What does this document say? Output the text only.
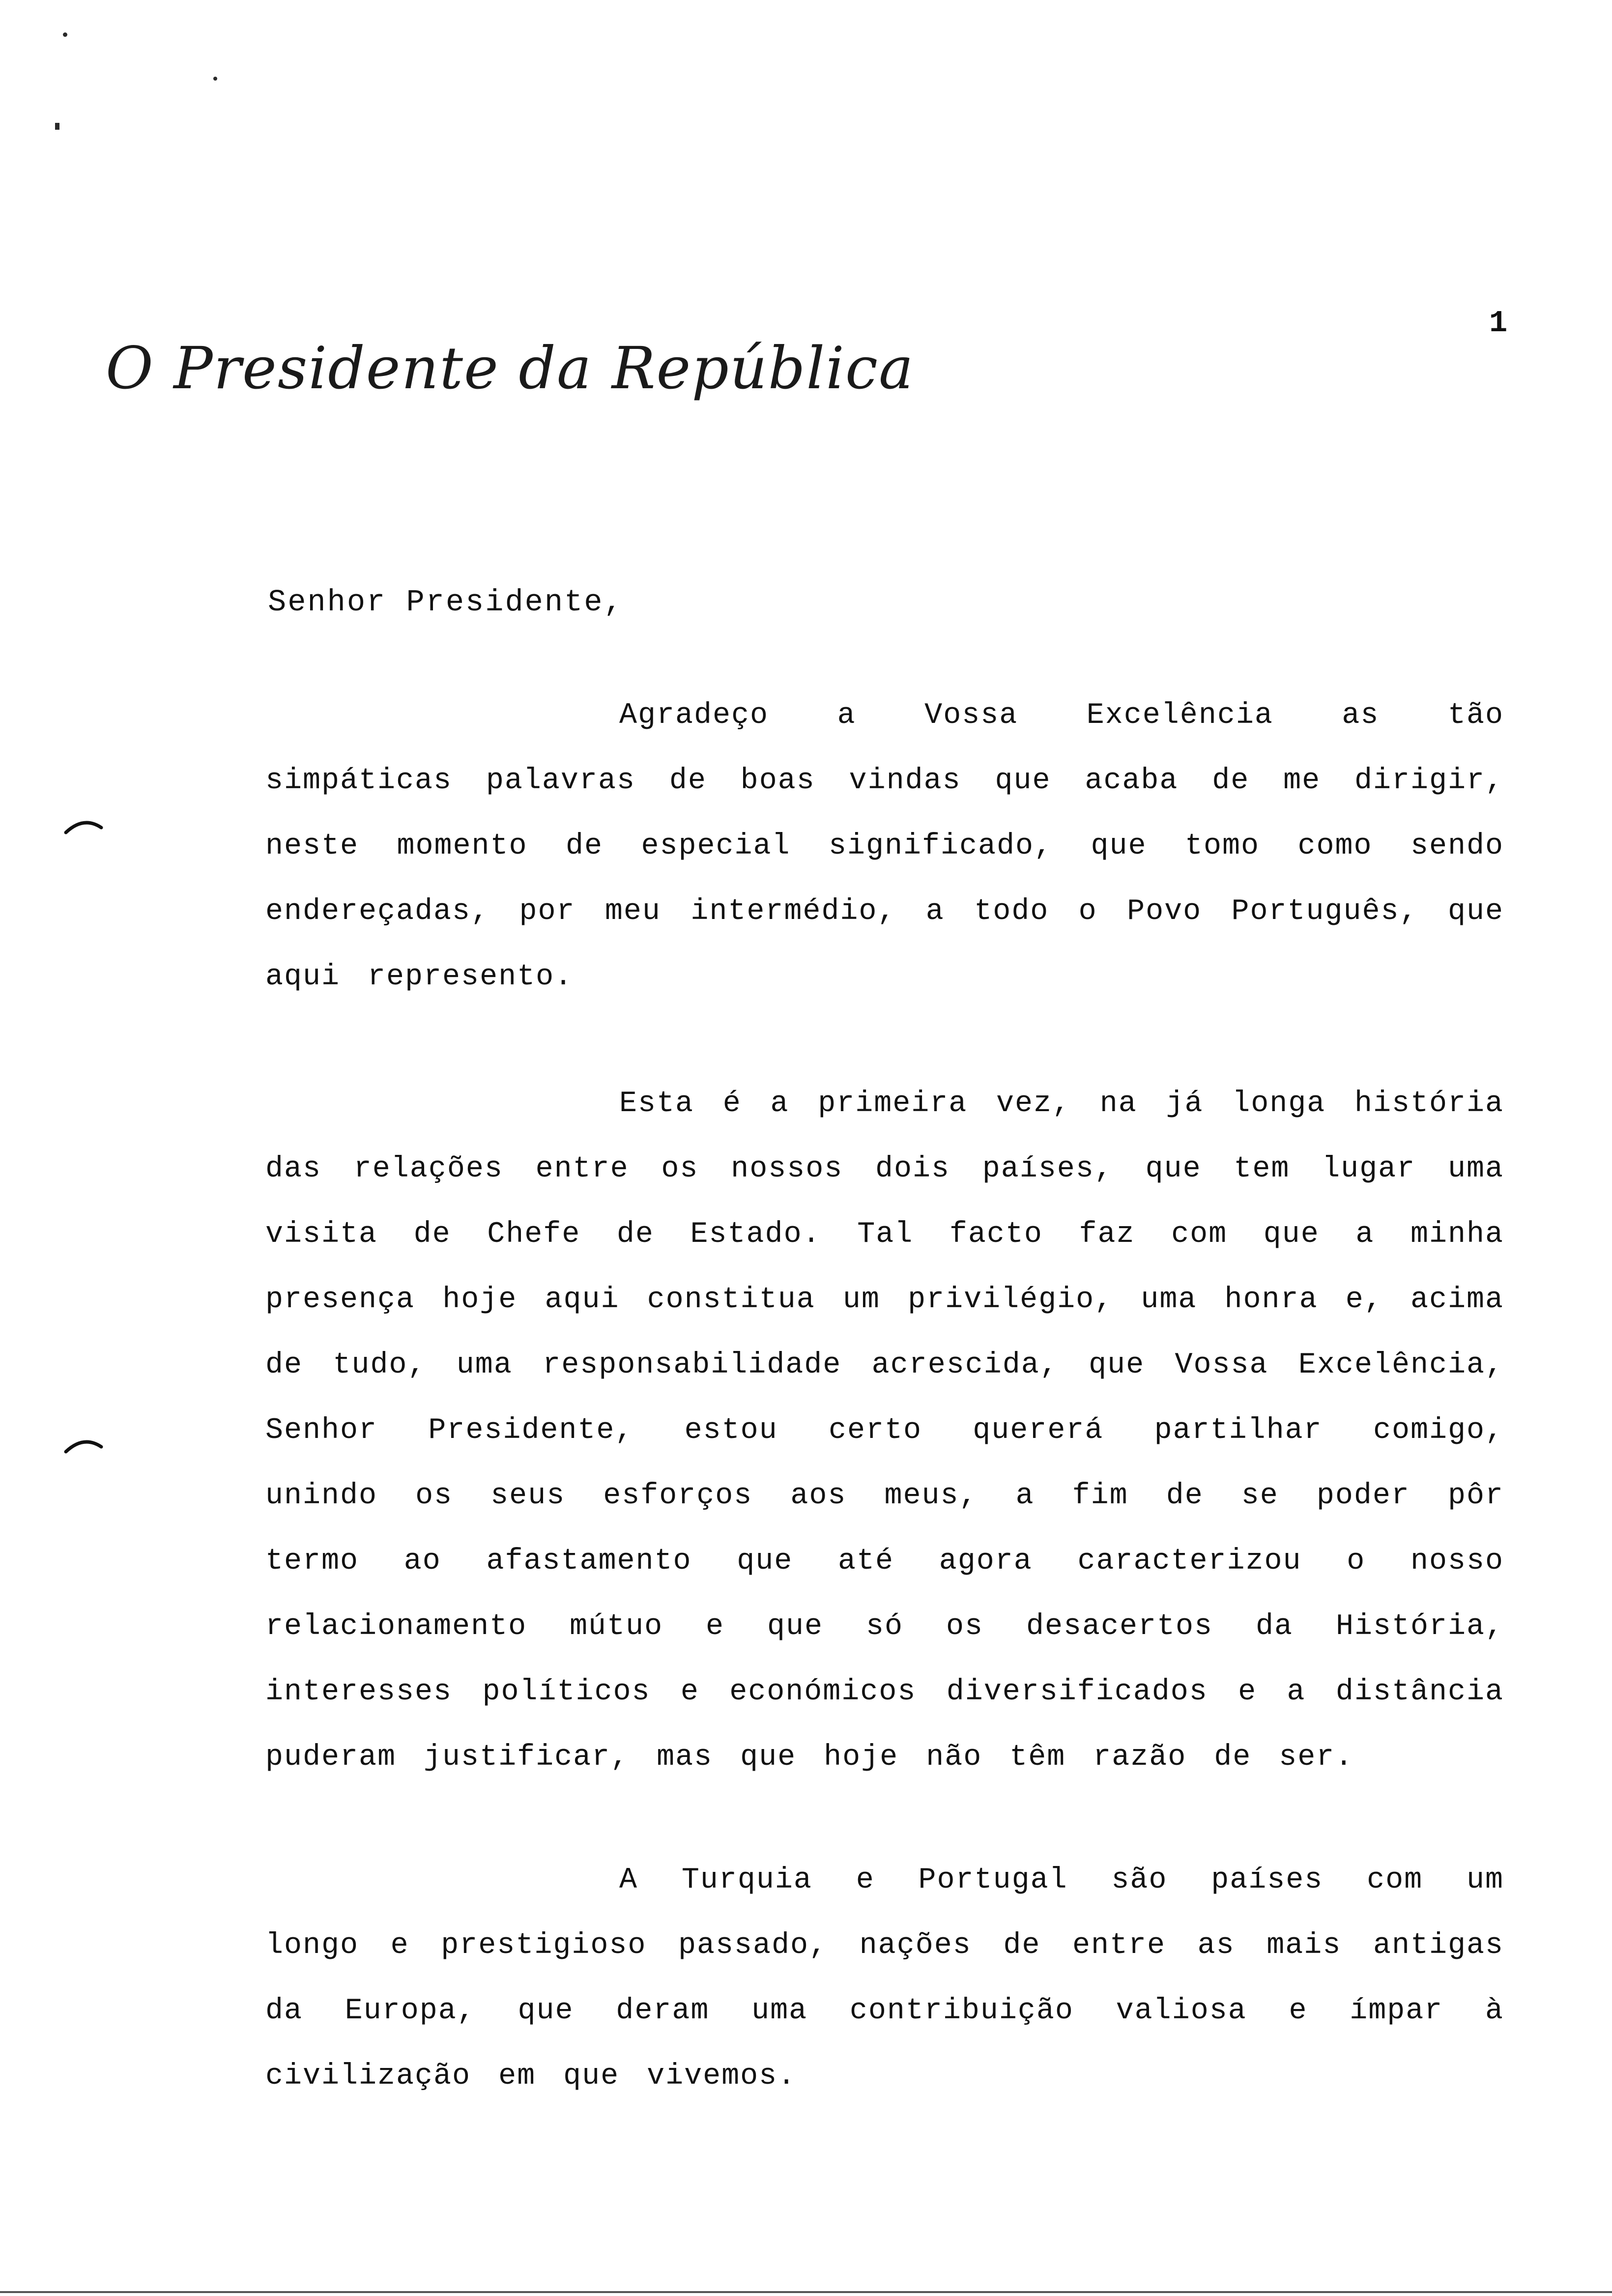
1
O Presidente da República
Senhor Presidente,

Agradeço a Vossa Excelência as tão simpáticas palavras de boas vindas que acaba de me dirigir, neste momento de especial significado, que tomo como sendo endereçadas, por meu intermédio, a todo o Povo Português, que aqui represento.

Esta é a primeira vez, na já longa história das relações entre os nossos dois países, que tem lugar uma visita de Chefe de Estado. Tal facto faz com que a minha presença hoje aqui constitua um privilégio, uma honra e, acima de tudo, uma responsabilidade acrescida, que Vossa Excelência, Senhor Presidente, estou certo quererá partilhar comigo, unindo os seus esforços aos meus, a fim de se poder pôr termo ao afastamento que até agora caracterizou o nosso relacionamento mútuo e que só os desacertos da História, interesses políticos e económicos diversificados e a distância puderam justificar, mas que hoje não têm razão de ser.

A Turquia e Portugal são países com um longo e prestigioso passado, nações de entre as mais antigas da Europa, que deram uma contribuição valiosa e ímpar à civilização em que vivemos.
